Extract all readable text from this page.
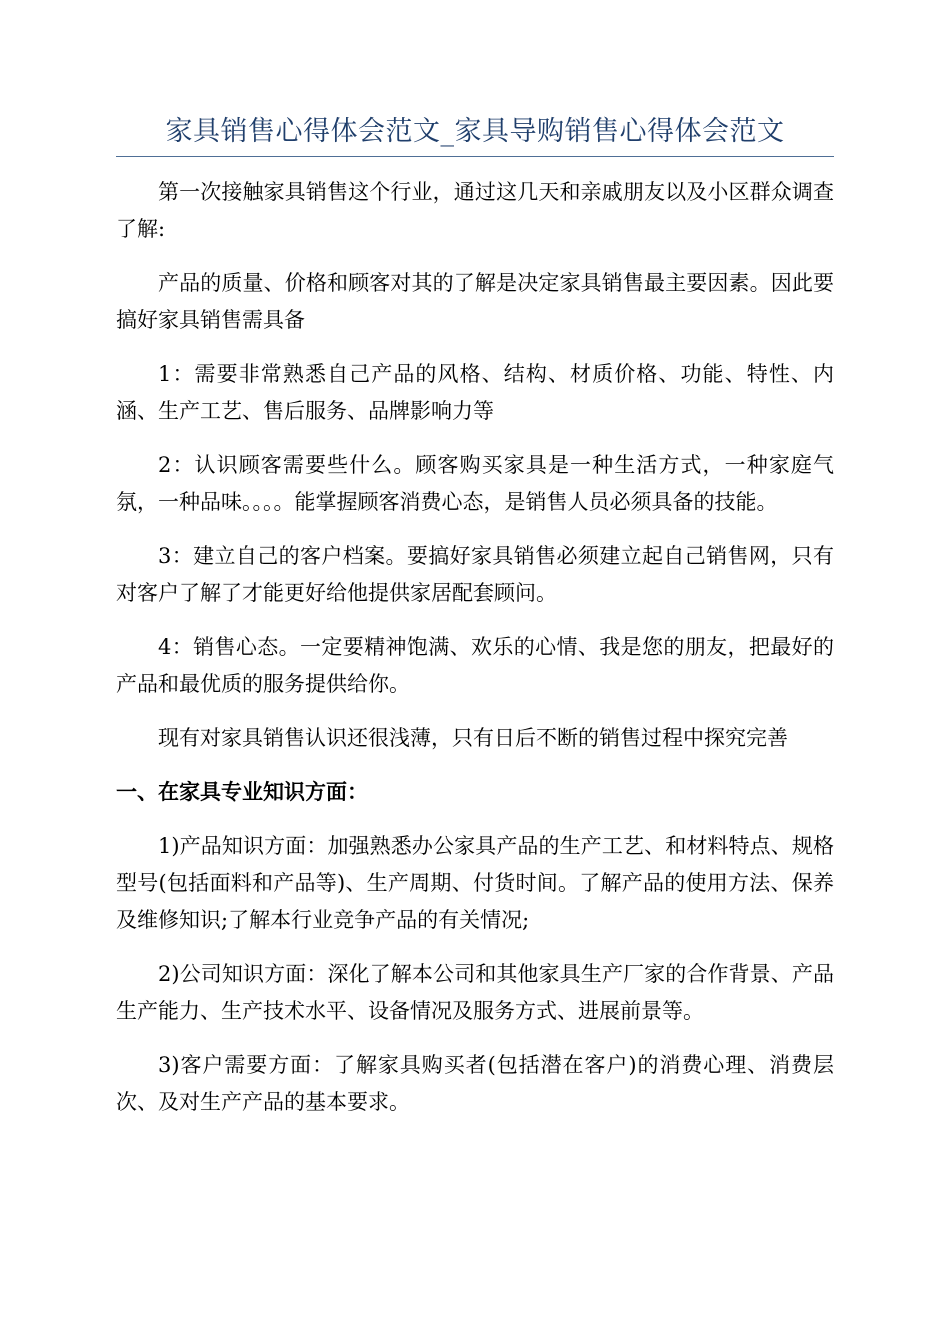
家具销售心得体会范文_家具导购销售心得体会范文

第一次接触家具销售这个行业，通过这几天和亲戚朋友以及小区群众调查了解:

产品的质量、价格和顾客对其的了解是决定家具销售最主要因素。因此要搞好家具销售需具备

1：需要非常熟悉自己产品的风格、结构、材质价格、功能、特性、内涵、生产工艺、售后服务、品牌影响力等

2：认识顾客需要些什么。顾客购买家具是一种生活方式，一种家庭气氛，一种品味。。。。能掌握顾客消费心态，是销售人员必须具备的技能。

3：建立自己的客户档案。要搞好家具销售必须建立起自己销售网，只有对客户了解了才能更好给他提供家居配套顾问。

4：销售心态。一定要精神饱满、欢乐的心情、我是您的朋友，把最好的产品和最优质的服务提供给你。

现有对家具销售认识还很浅薄，只有日后不断的销售过程中探究完善

一、在家具专业知识方面：

1)产品知识方面：加强熟悉办公家具产品的生产工艺、和材料特点、规格型号(包括面料和产品等)、生产周期、付货时间。了解产品的使用方法、保养及维修知识;了解本行业竞争产品的有关情况;

2)公司知识方面：深化了解本公司和其他家具生产厂家的合作背景、产品生产能力、生产技术水平、设备情况及服务方式、进展前景等。

3)客户需要方面：了解家具购买者(包括潜在客户)的消费心理、消费层次、及对生产产品的基本要求。
